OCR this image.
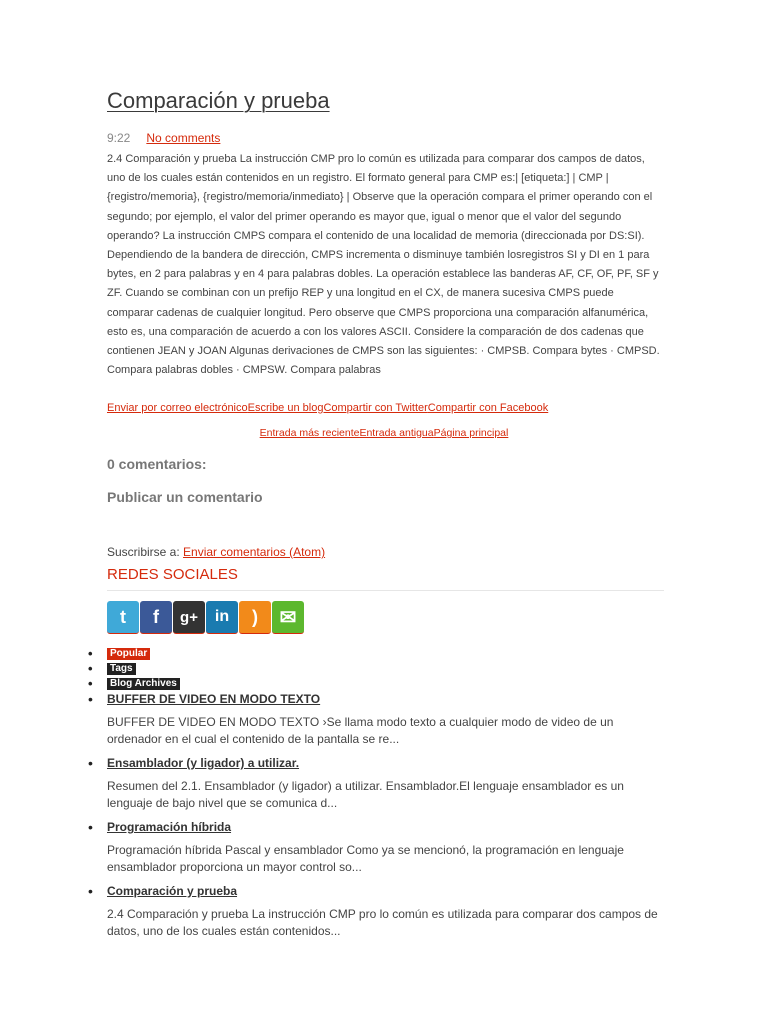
Comparación y prueba
9:22 No comments
2.4 Comparación y prueba La instrucción CMP pro lo común es utilizada para comparar dos campos de datos, uno de los cuales están contenidos en un registro. El formato general para CMP es:| [etiqueta:] | CMP | {registro/memoria}, {registro/memoria/inmediato} | Observe que la operación compara el primer operando con el segundo; por ejemplo, el valor del primer operando es mayor que, igual o menor que el valor del segundo operando? La instrucción CMPS compara el contenido de una localidad de memoria (direccionada por DS:SI). Dependiendo de la bandera de dirección, CMPS incrementa o disminuye también losregistros SI y DI en 1 para bytes, en 2 para palabras y en 4 para palabras dobles. La operación establece las banderas AF, CF, OF, PF, SF y ZF. Cuando se combinan con un prefijo REP y una longitud en el CX, de manera sucesiva CMPS puede comparar cadenas de cualquier longitud. Pero observe que CMPS proporciona una comparación alfanumérica, esto es, una comparación de acuerdo a con los valores ASCII. Considere la comparación de dos cadenas que contienen JEAN y JOAN Algunas derivaciones de CMPS son las siguientes: · CMPSB. Compara bytes · CMPSD. Compara palabras dobles · CMPSW. Compara palabras
Enviar por correo electrónicoEscribe un blogCompartir con TwitterCompartir con Facebook
Entrada más recienteEntrada antiguaPágina principal
0 comentarios:
Publicar un comentario
Suscribirse a: Enviar comentarios (Atom)
REDES SOCIALES
t	f	g+	in	)	✉
• Popular
• Tags
• Blog Archives
• BUFFER DE VIDEO EN MODO TEXTO
BUFFER DE VIDEO EN MODO TEXTO ›Se llama modo texto a cualquier modo de video de un ordenador en el cual el contenido de la pantalla se re...
• Ensamblador (y ligador) a utilizar.
Resumen del 2.1. Ensamblador (y ligador) a utilizar. Ensamblador.El lenguaje ensamblador es un lenguaje de bajo nivel que se comunica d...
• Programación híbrida
Programación híbrida Pascal y ensamblador Como ya se mencionó, la programación en lenguaje ensamblador proporciona un mayor control so...
• Comparación y prueba
2.4 Comparación y prueba La instrucción CMP pro lo común es utilizada para comparar dos campos de datos, uno de los cuales están contenidos...
